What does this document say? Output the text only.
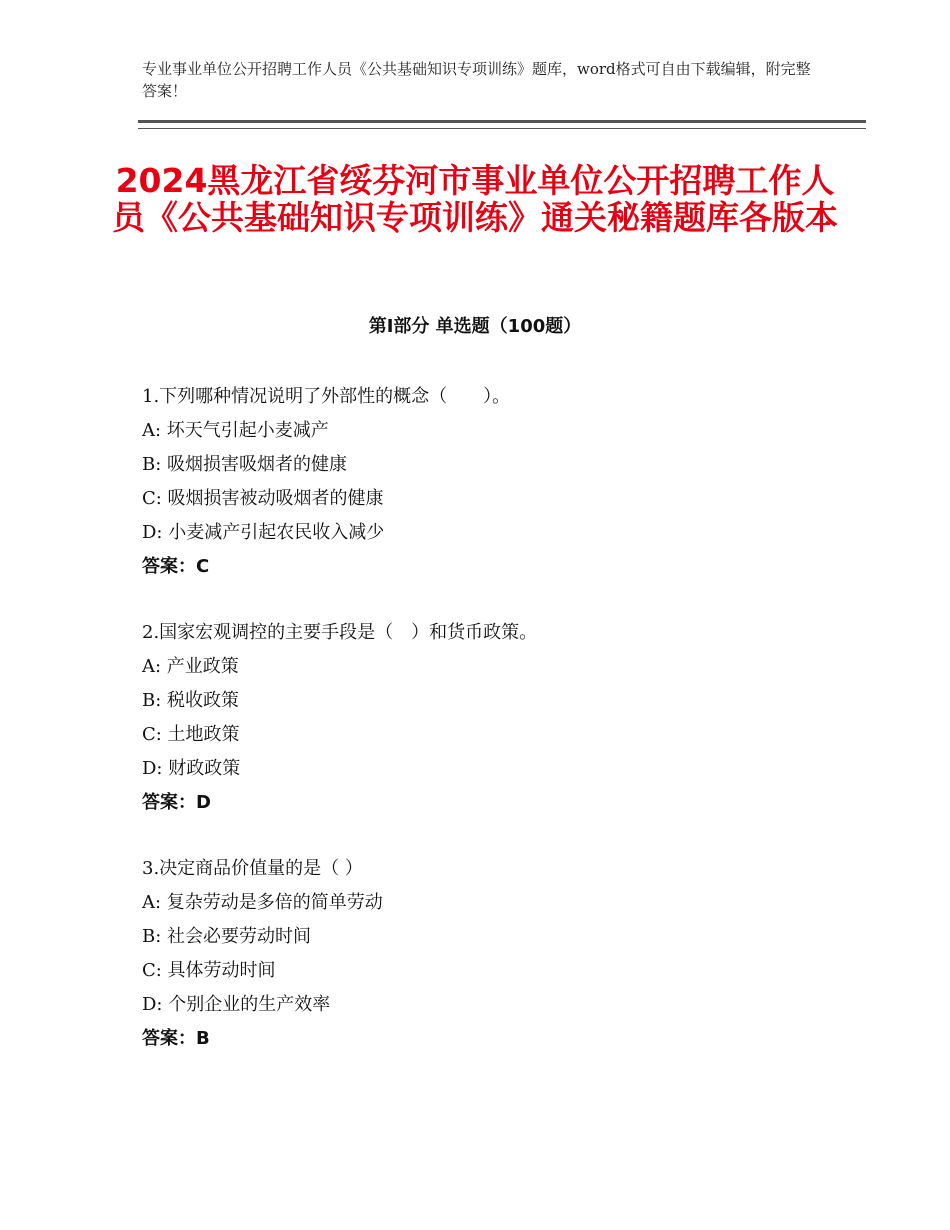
专业事业单位公开招聘工作人员《公共基础知识专项训练》题库，word格式可自由下载编辑，附完整答案！
2024黑龙江省绥芬河市事业单位公开招聘工作人员《公共基础知识专项训练》通关秘籍题库各版本
第Ⅰ部分 单选题（100题）
1.下列哪种情况说明了外部性的概念（　　）。
A: 坏天气引起小麦减产
B: 吸烟损害吸烟者的健康
C: 吸烟损害被动吸烟者的健康
D: 小麦减产引起农民收入减少
答案：C
2.国家宏观调控的主要手段是（　）和货币政策。
A: 产业政策
B: 税收政策
C: 土地政策
D: 财政政策
答案：D
3.决定商品价值量的是（ ）
A: 复杂劳动是多倍的简单劳动
B: 社会必要劳动时间
C: 具体劳动时间
D: 个别企业的生产效率
答案：B
